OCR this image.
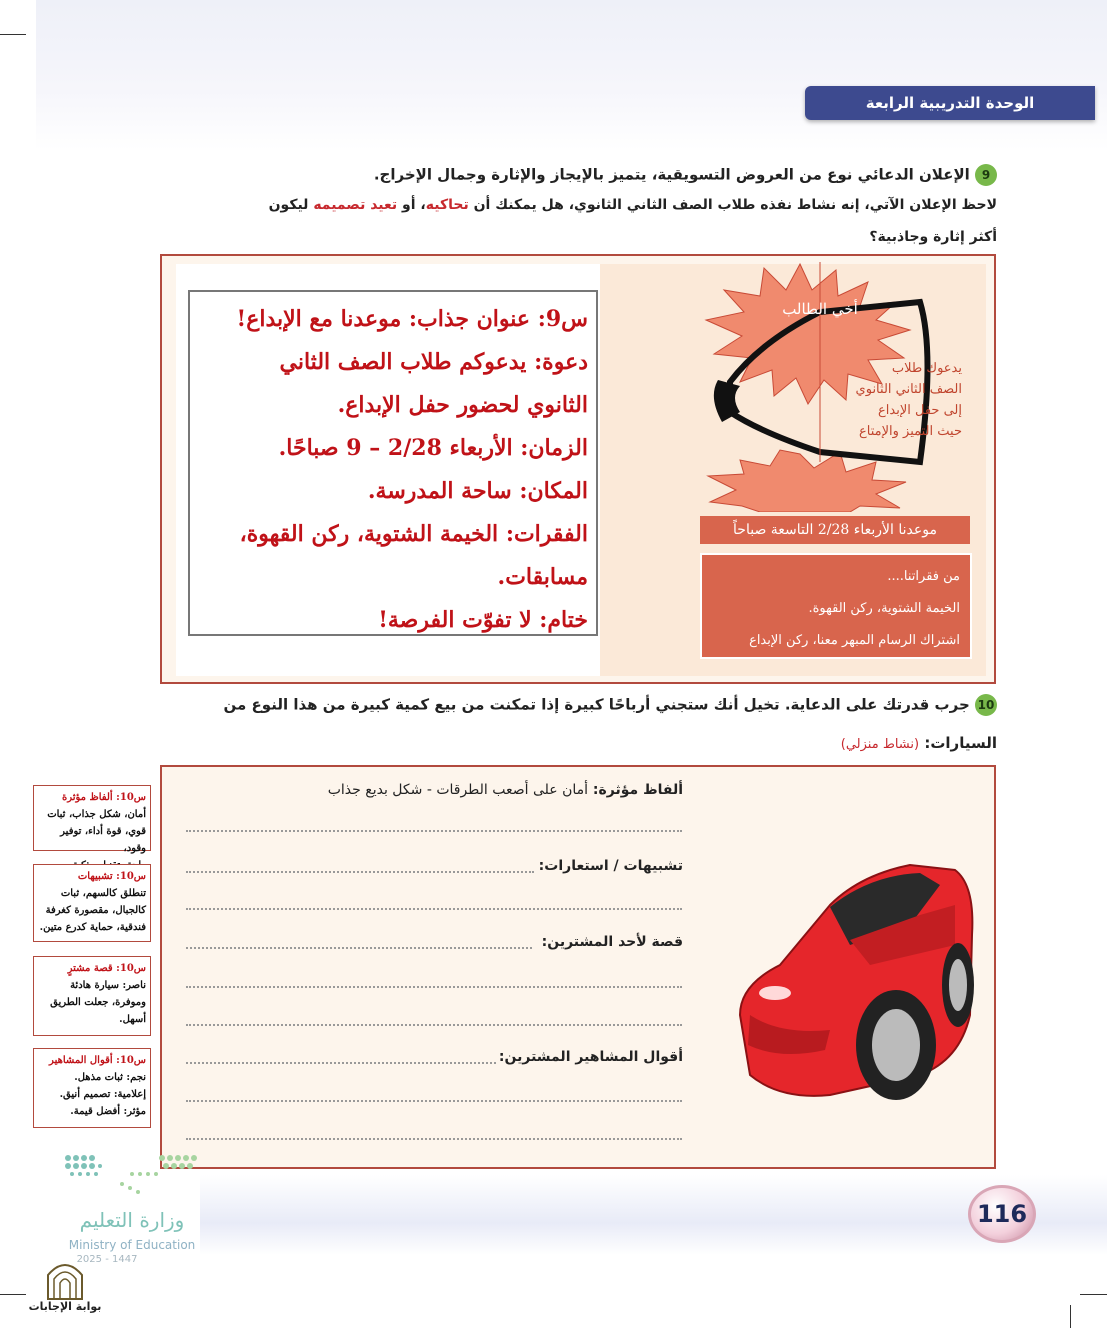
الوحدة التدريبية الرابعة
9 الإعلان الدعائي نوع من العروض التسويقية، يتميز بالإيجاز والإثارة وجمال الإخراج.
لاحظ الإعلان الآتي، إنه نشاط نفذه طلاب الصف الثاني الثانوي، هل يمكنك أن تحاكيه، أو تعيد تصميمه ليكون
أكثر إثارة وجاذبية؟
س9: عنوان جذاب: موعدنا مع الإبداع!
دعوة: يدعوكم طلاب الصف الثاني
الثانوي لحضور حفل الإبداع.
الزمان: الأربعاء 2/28 – 9 صباحًا.
المكان: ساحة المدرسة.
الفقرات: الخيمة الشتوية، ركن القهوة،
مسابقات.
ختام: لا تفوّت الفرصة!
أخي الطالب
يدعوك طلاب
الصف الثاني الثانوي
إلى حفل الإبداع
حيث التميز والإمتاع
موعدنا الأربعاء 2/28 التاسعة صباحاً
من فقراتنا....
الخيمة الشتوية، ركن القهوة.
اشتراك الرسام المبهر معنا، ركن الإبداع
10 جرب قدرتك على الدعاية. تخيل أنك ستجني أرباحًا كبيرة إذا تمكنت من بيع كمية كبيرة من هذا النوع من
السيارات: (نشاط منزلي)
ألفاظ مؤثرة: أمان على أصعب الطرقات - شكل بديع جذاب
تشبيهات / استعارات:
قصة لأحد المشترين:
أقوال المشاهير المشترين:
س10: ألفاظ مؤثرة
أمان، شكل جذاب، ثبات
قوي، قوة أداء، توفير وقود،
س10: تشبيهات
تنطلق كالسهم، ثبات
كالجبال، مقصورة كغرفة
فندقية، حماية كدرع متين.
س10: قصة مشترٍ
ناصر: سيارة هادئة
وموفرة، جعلت الطريق
أسهل.
س10: أقوال المشاهير
نجم: ثبات مذهل.
إعلامية: تصميم أنيق.
مؤثر: أفضل قيمة.
116
وزارة التعليم
Ministry of Education
2025 - 1447
بوابة الإجابات
